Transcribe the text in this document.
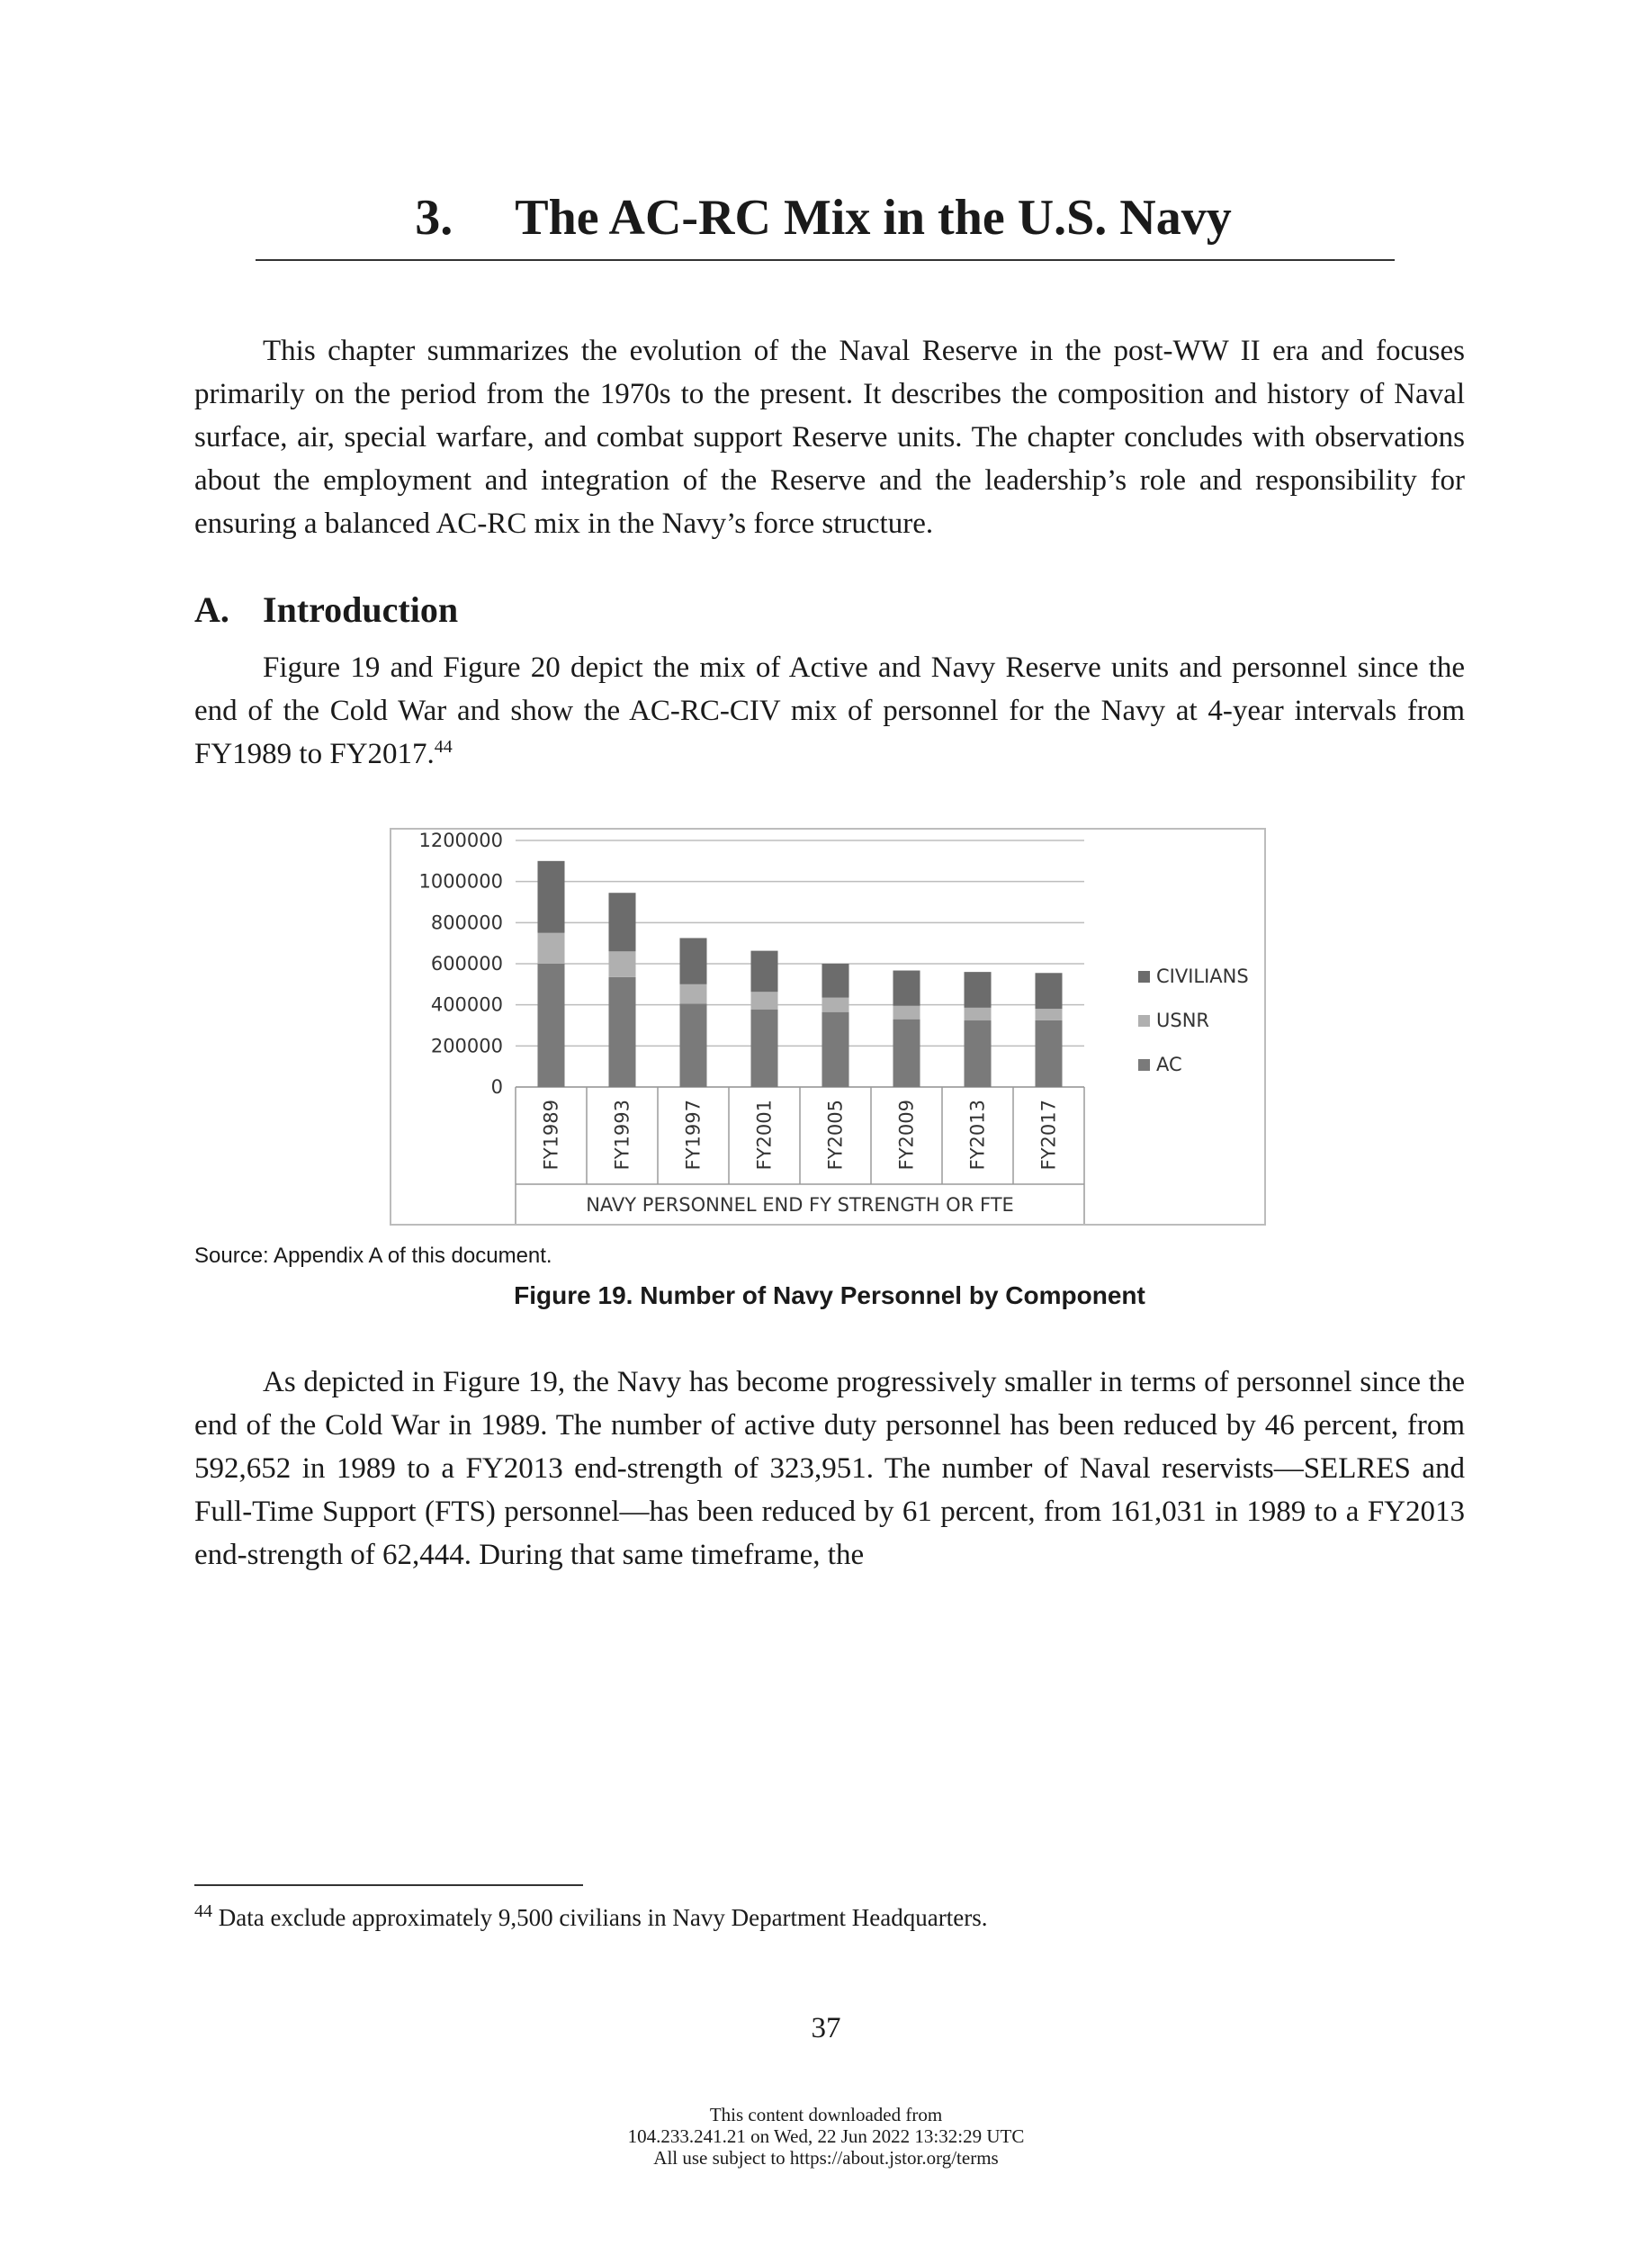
3. The AC-RC Mix in the U.S. Navy

This chapter summarizes the evolution of the Naval Reserve in the post-WW II era and focuses primarily on the period from the 1970s to the present. It describes the composition and history of Naval surface, air, special warfare, and combat support Reserve units. The chapter concludes with observations about the employment and integration of the Reserve and the leadership’s role and responsibility for ensuring a balanced AC-RC mix in the Navy’s force structure.

A. Introduction

Figure 19 and Figure 20 depict the mix of Active and Navy Reserve units and personnel since the end of the Cold War and show the AC-RC-CIV mix of personnel for the Navy at 4-year intervals from FY1989 to FY2017.44

0
200000
400000
600000
800000
1000000
1200000
FY1989	FY1993	FY1997	FY2001	FY2005	FY2009	FY2013	FY2017
NAVY PERSONNEL END FY STRENGTH OR FTE
CIVILIANS
USNR
AC
Source: Appendix A of this document.
Figure 19. Number of Navy Personnel by Component

As depicted in Figure 19, the Navy has become progressively smaller in terms of personnel since the end of the Cold War in 1989. The number of active duty personnel has been reduced by 46 percent, from 592,652 in 1989 to a FY2013 end-strength of 323,951. The number of Naval reservists—SELRES and Full-Time Support (FTS) personnel—has been reduced by 61 percent, from 161,031 in 1989 to a FY2013 end-strength of 62,444. During that same timeframe, the

$^{44}$ Data exclude approximately 9,500 civilians in Navy Department Headquarters.
37
This content downloaded from
104.233.241.21 on Wed, 22 Jun 2022 13:32:29 UTC
All use subject to https://about.jstor.org/terms
